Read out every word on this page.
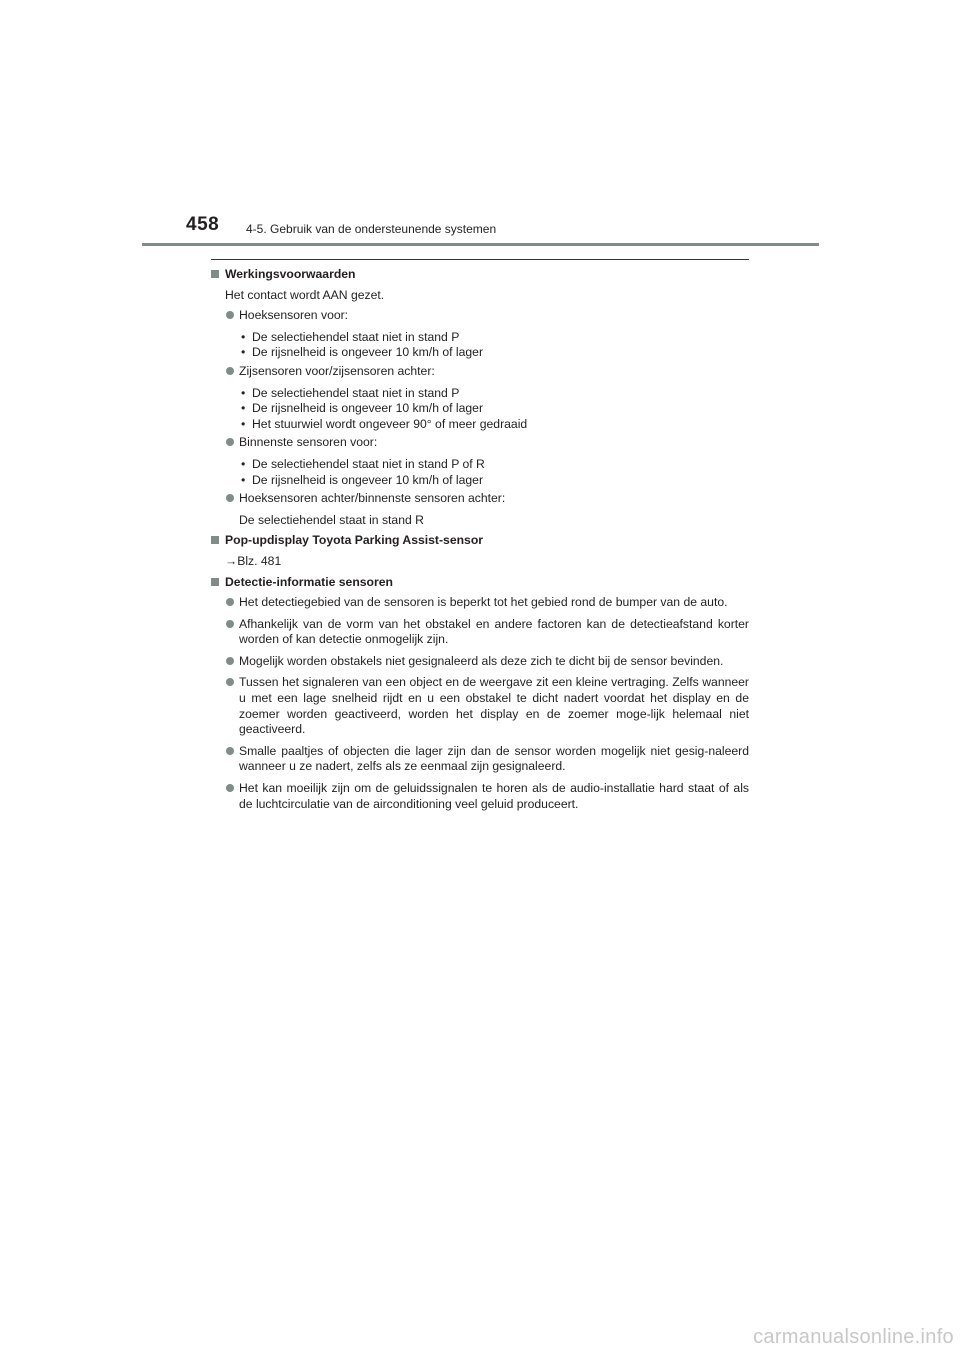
458 4-5. Gebruik van de ondersteunende systemen
Werkingsvoorwaarden
Het contact wordt AAN gezet.
Hoeksensoren voor:
• De selectiehendel staat niet in stand P
• De rijsnelheid is ongeveer 10 km/h of lager
Zijsensoren voor/zijsensoren achter:
• De selectiehendel staat niet in stand P
• De rijsnelheid is ongeveer 10 km/h of lager
• Het stuurwiel wordt ongeveer 90° of meer gedraaid
Binnenste sensoren voor:
• De selectiehendel staat niet in stand P of R
• De rijsnelheid is ongeveer 10 km/h of lager
Hoeksensoren achter/binnenste sensoren achter:
De selectiehendel staat in stand R
Pop-updisplay Toyota Parking Assist-sensor
→Blz. 481
Detectie-informatie sensoren
Het detectiegebied van de sensoren is beperkt tot het gebied rond de bumper van de auto.
Afhankelijk van de vorm van het obstakel en andere factoren kan de detectieafstand korter worden of kan detectie onmogelijk zijn.
Mogelijk worden obstakels niet gesignaleerd als deze zich te dicht bij de sensor bevinden.
Tussen het signaleren van een object en de weergave zit een kleine vertraging. Zelfs wanneer u met een lage snelheid rijdt en u een obstakel te dicht nadert voordat het display en de zoemer worden geactiveerd, worden het display en de zoemer moge-lijk helemaal niet geactiveerd.
Smalle paaltjes of objecten die lager zijn dan de sensor worden mogelijk niet gesig-naleerd wanneer u ze nadert, zelfs als ze eenmaal zijn gesignaleerd.
Het kan moeilijk zijn om de geluidssignalen te horen als de audio-installatie hard staat of als de luchtcirculatie van de airconditioning veel geluid produceert.
carmanualsonline.info
